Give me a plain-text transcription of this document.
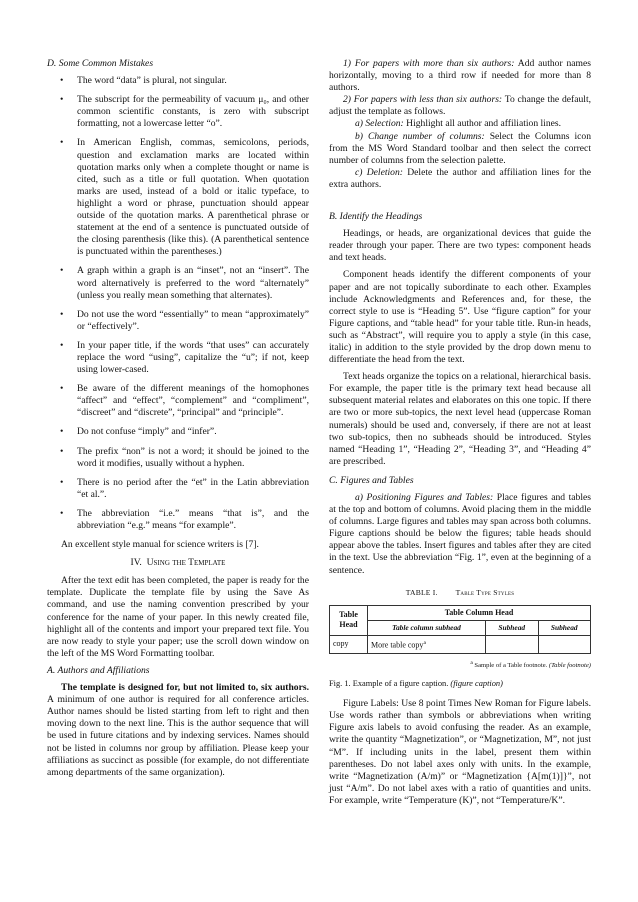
D. Some Common Mistakes
• The word “data” is plural, not singular.
• The subscript for the permeability of vacuum μ₀, and other common scientific constants, is zero with subscript formatting, not a lowercase letter “o”.
• In American English, commas, semicolons, periods, question and exclamation marks are located within quotation marks only when a complete thought or name is cited, such as a title or full quotation. When quotation marks are used, instead of a bold or italic typeface, to highlight a word or phrase, punctuation should appear outside of the quotation marks. A parenthetical phrase or statement at the end of a sentence is punctuated outside of the closing parenthesis (like this). (A parenthetical sentence is punctuated within the parentheses.)
• A graph within a graph is an “inset”, not an “insert”. The word alternatively is preferred to the word “alternately” (unless you really mean something that alternates).
• Do not use the word “essentially” to mean “approximately” or “effectively”.
• In your paper title, if the words “that uses” can accurately replace the word “using”, capitalize the “u”; if not, keep using lower-cased.
• Be aware of the different meanings of the homophones “affect” and “effect”, “complement” and “compliment”, “discreet” and “discrete”, “principal” and “principle”.
• Do not confuse “imply” and “infer”.
• The prefix “non” is not a word; it should be joined to the word it modifies, usually without a hyphen.
• There is no period after the “et” in the Latin abbreviation “et al.”.
• The abbreviation “i.e.” means “that is”, and the abbreviation “e.g.” means “for example”.

An excellent style manual for science writers is [7].

IV. Using the Template

After the text edit has been completed, the paper is ready for the template. Duplicate the template file by using the Save As command, and use the naming convention prescribed by your conference for the name of your paper. In this newly created file, highlight all of the contents and import your prepared text file. You are now ready to style your paper; use the scroll down window on the left of the MS Word Formatting toolbar.

A. Authors and Affiliations

The template is designed for, but not limited to, six authors. A minimum of one author is required for all conference articles. Author names should be listed starting from left to right and then moving down to the next line. This is the author sequence that will be used in future citations and by indexing services. Names should not be listed in columns nor group by affiliation. Please keep your affiliations as succinct as possible (for example, do not differentiate among departments of the same organization).

1) For papers with more than six authors: Add author names horizontally, moving to a third row if needed for more than 8 authors.

2) For papers with less than six authors: To change the default, adjust the template as follows.

a) Selection: Highlight all author and affiliation lines.

b) Change number of columns: Select the Columns icon from the MS Word Standard toolbar and then select the correct number of columns from the selection palette.

c) Deletion: Delete the author and affiliation lines for the extra authors.

B. Identify the Headings

Headings, or heads, are organizational devices that guide the reader through your paper. There are two types: component heads and text heads.

Component heads identify the different components of your paper and are not topically subordinate to each other. Examples include Acknowledgments and References and, for these, the correct style to use is “Heading 5”. Use “figure caption” for your Figure captions, and “table head” for your table title. Run-in heads, such as “Abstract”, will require you to apply a style (in this case, italic) in addition to the style provided by the drop down menu to differentiate the head from the text.

Text heads organize the topics on a relational, hierarchical basis. For example, the paper title is the primary text head because all subsequent material relates and elaborates on this one topic. If there are two or more sub-topics, the next level head (uppercase Roman numerals) should be used and, conversely, if there are not at least two sub-topics, then no subheads should be introduced. Styles named “Heading 1”, “Heading 2”, “Heading 3”, and “Heading 4” are prescribed.

C. Figures and Tables

a) Positioning Figures and Tables: Place figures and tables at the top and bottom of columns. Avoid placing them in the middle of columns. Large figures and tables may span across both columns. Figure captions should be below the figures; table heads should appear above the tables. Insert figures and tables after they are cited in the text. Use the abbreviation “Fig. 1”, even at the beginning of a sentence.

TABLE I. Table Type Styles
Table Head	Table Column Head		
	Table column subhead	Subhead	Subhead
copy	More table copy$^a$		
$^a$ Sample of a Table footnote. (Table footnote)
Fig. 1. Example of a figure caption. (figure caption)

Figure Labels: Use 8 point Times New Roman for Figure labels. Use words rather than symbols or abbreviations when writing Figure axis labels to avoid confusing the reader. As an example, write the quantity “Magnetization”, or “Magnetization, M”, not just “M”. If including units in the label, present them within parentheses. Do not label axes only with units. In the example, write “Magnetization (A/m)” or “Magnetization {A[m(1)]}”, not just “A/m”. Do not label axes with a ratio of quantities and units. For example, write “Temperature (K)”, not “Temperature/K”.
